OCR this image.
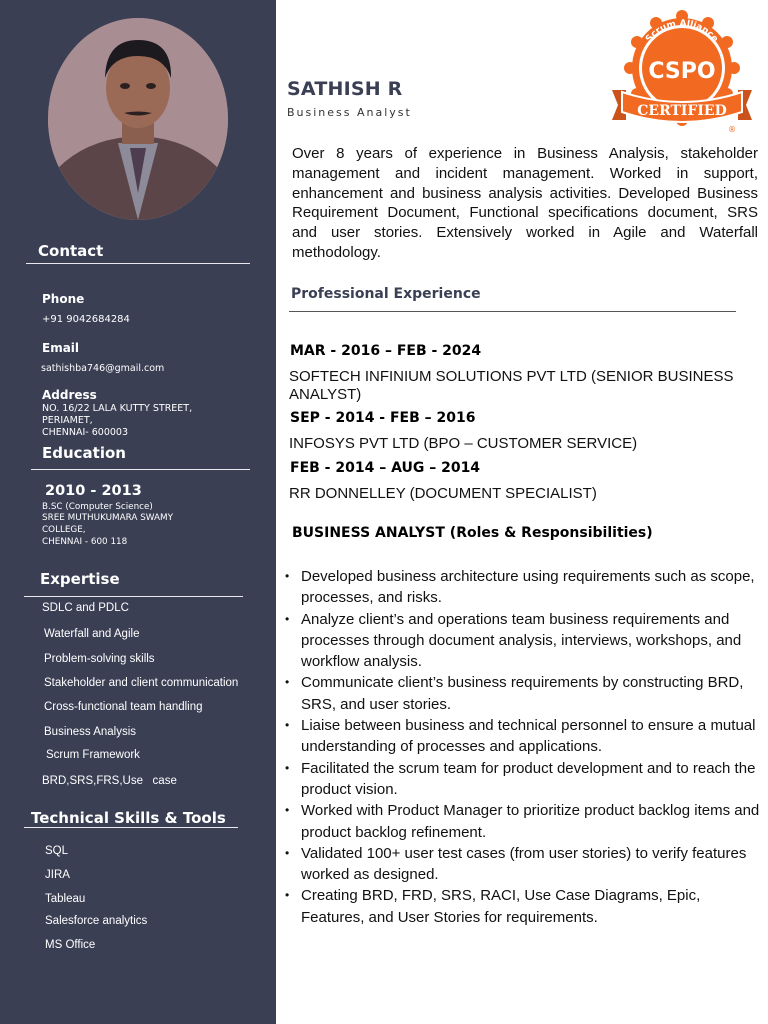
Contact
Phone
+91 9042684284
Email
sathishba746@gmail.com
Address
NO. 16/22 LALA KUTTY STREET,
PERIAMET,
CHENNAI- 600003
Education
2010 - 2013
B.SC (Computer Science)
SREE MUTHUKUMARA SWAMY
COLLEGE,
CHENNAI - 600 118
Expertise
SDLC and PDLC
Waterfall and Agile
Problem-solving skills
Stakeholder and client communication
Cross-functional team handling
Business Analysis
Scrum Framework
BRD,SRS,FRS,Use   case
Technical Skills & Tools
SQL
JIRA
Tableau
Salesforce analytics
MS Office
SATHISH R
Business Analyst
Scrum Alliance
CSPO
CERTIFIED
®
Over 8 years of experience in Business Analysis, stakeholder management and incident management. Worked in support, enhancement and business analysis activities. Developed Business Requirement Document, Functional specifications document, SRS and user stories. Extensively worked in Agile and Waterfall methodology.
Professional Experience
MAR - 2016 – FEB - 2024
SOFTECH INFINIUM SOLUTIONS PVT LTD (SENIOR BUSINESS ANALYST)
SEP - 2014 - FEB – 2016
INFOSYS PVT LTD (BPO – CUSTOMER SERVICE)
FEB - 2014 – AUG – 2014
RR DONNELLEY (DOCUMENT SPECIALIST)
BUSINESS ANALYST (Roles & Responsibilities)
• Developed business architecture using requirements such as scope, processes, and risks.
• Analyze client’s and operations team business requirements and processes through document analysis, interviews, workshops, and workflow analysis.
• Communicate client’s business requirements by constructing BRD, SRS, and user stories.
• Liaise between business and technical personnel to ensure a mutual understanding of processes and applications.
• Facilitated the scrum team for product development and to reach the product vision.
• Worked with Product Manager to prioritize product backlog items and product backlog refinement.
• Validated 100+ user test cases (from user stories) to verify features worked as designed.
• Creating BRD, FRD, SRS, RACI, Use Case Diagrams, Epic, Features, and User Stories for requirements.
